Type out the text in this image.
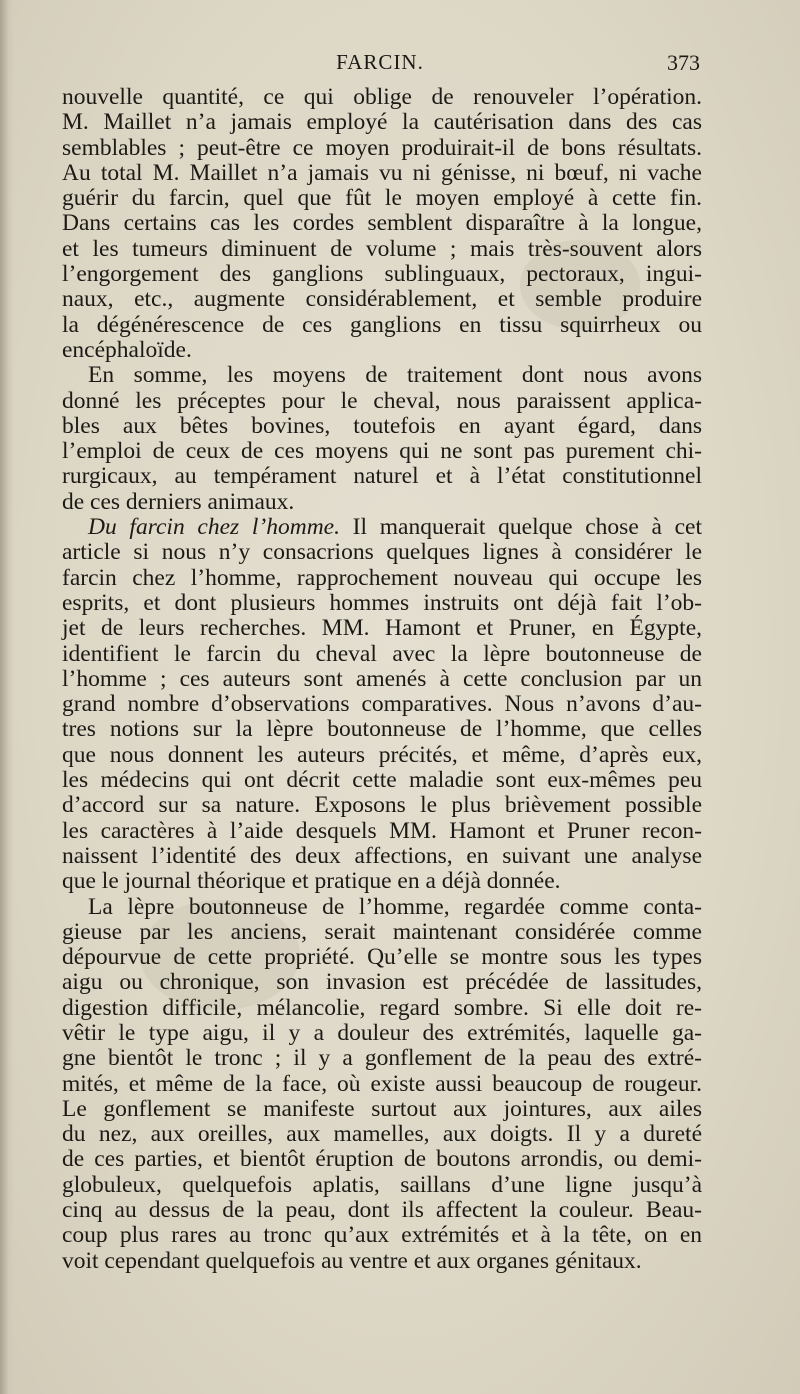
FARCIN.	373
nouvelle quantité, ce qui oblige de renouveler l’opération.
M. Maillet n’a jamais employé la cautérisation dans des cas
semblables ; peut-être ce moyen produirait-il de bons résultats.
Au total M. Maillet n’a jamais vu ni génisse, ni bœuf, ni vache
guérir du farcin, quel que fût le moyen employé à cette fin.
Dans certains cas les cordes semblent disparaître à la longue,
et les tumeurs diminuent de volume ; mais très-souvent alors
l’engorgement des ganglions sublinguaux, pectoraux, ingui-
naux, etc., augmente considérablement, et semble produire
la dégénérescence de ces ganglions en tissu squirrheux ou
encéphaloïde.
En somme, les moyens de traitement dont nous avons
donné les préceptes pour le cheval, nous paraissent applica-
bles aux bêtes bovines, toutefois en ayant égard, dans
l’emploi de ceux de ces moyens qui ne sont pas purement chi-
rurgicaux, au tempérament naturel et à l’état constitutionnel
de ces derniers animaux.
Du farcin chez l’homme. Il manquerait quelque chose à cet
article si nous n’y consacrions quelques lignes à considérer le
farcin chez l’homme, rapprochement nouveau qui occupe les
esprits, et dont plusieurs hommes instruits ont déjà fait l’ob-
jet de leurs recherches. MM. Hamont et Pruner, en Égypte,
identifient le farcin du cheval avec la lèpre boutonneuse de
l’homme ; ces auteurs sont amenés à cette conclusion par un
grand nombre d’observations comparatives. Nous n’avons d’au-
tres notions sur la lèpre boutonneuse de l’homme, que celles
que nous donnent les auteurs précités, et même, d’après eux,
les médecins qui ont décrit cette maladie sont eux-mêmes peu
d’accord sur sa nature. Exposons le plus brièvement possible
les caractères à l’aide desquels MM. Hamont et Pruner recon-
naissent l’identité des deux affections, en suivant une analyse
que le journal théorique et pratique en a déjà donnée.
La lèpre boutonneuse de l’homme, regardée comme conta-
gieuse par les anciens, serait maintenant considérée comme
dépourvue de cette propriété. Qu’elle se montre sous les types
aigu ou chronique, son invasion est précédée de lassitudes,
digestion difficile, mélancolie, regard sombre. Si elle doit re-
vêtir le type aigu, il y a douleur des extrémités, laquelle ga-
gne bientôt le tronc ; il y a gonflement de la peau des extré-
mités, et même de la face, où existe aussi beaucoup de rougeur.
Le gonflement se manifeste surtout aux jointures, aux ailes
du nez, aux oreilles, aux mamelles, aux doigts. Il y a dureté
de ces parties, et bientôt éruption de boutons arrondis, ou demi-
globuleux, quelquefois aplatis, saillans d’une ligne jusqu’à
cinq au dessus de la peau, dont ils affectent la couleur. Beau-
coup plus rares au tronc qu’aux extrémités et à la tête, on en
voit cependant quelquefois au ventre et aux organes génitaux.
